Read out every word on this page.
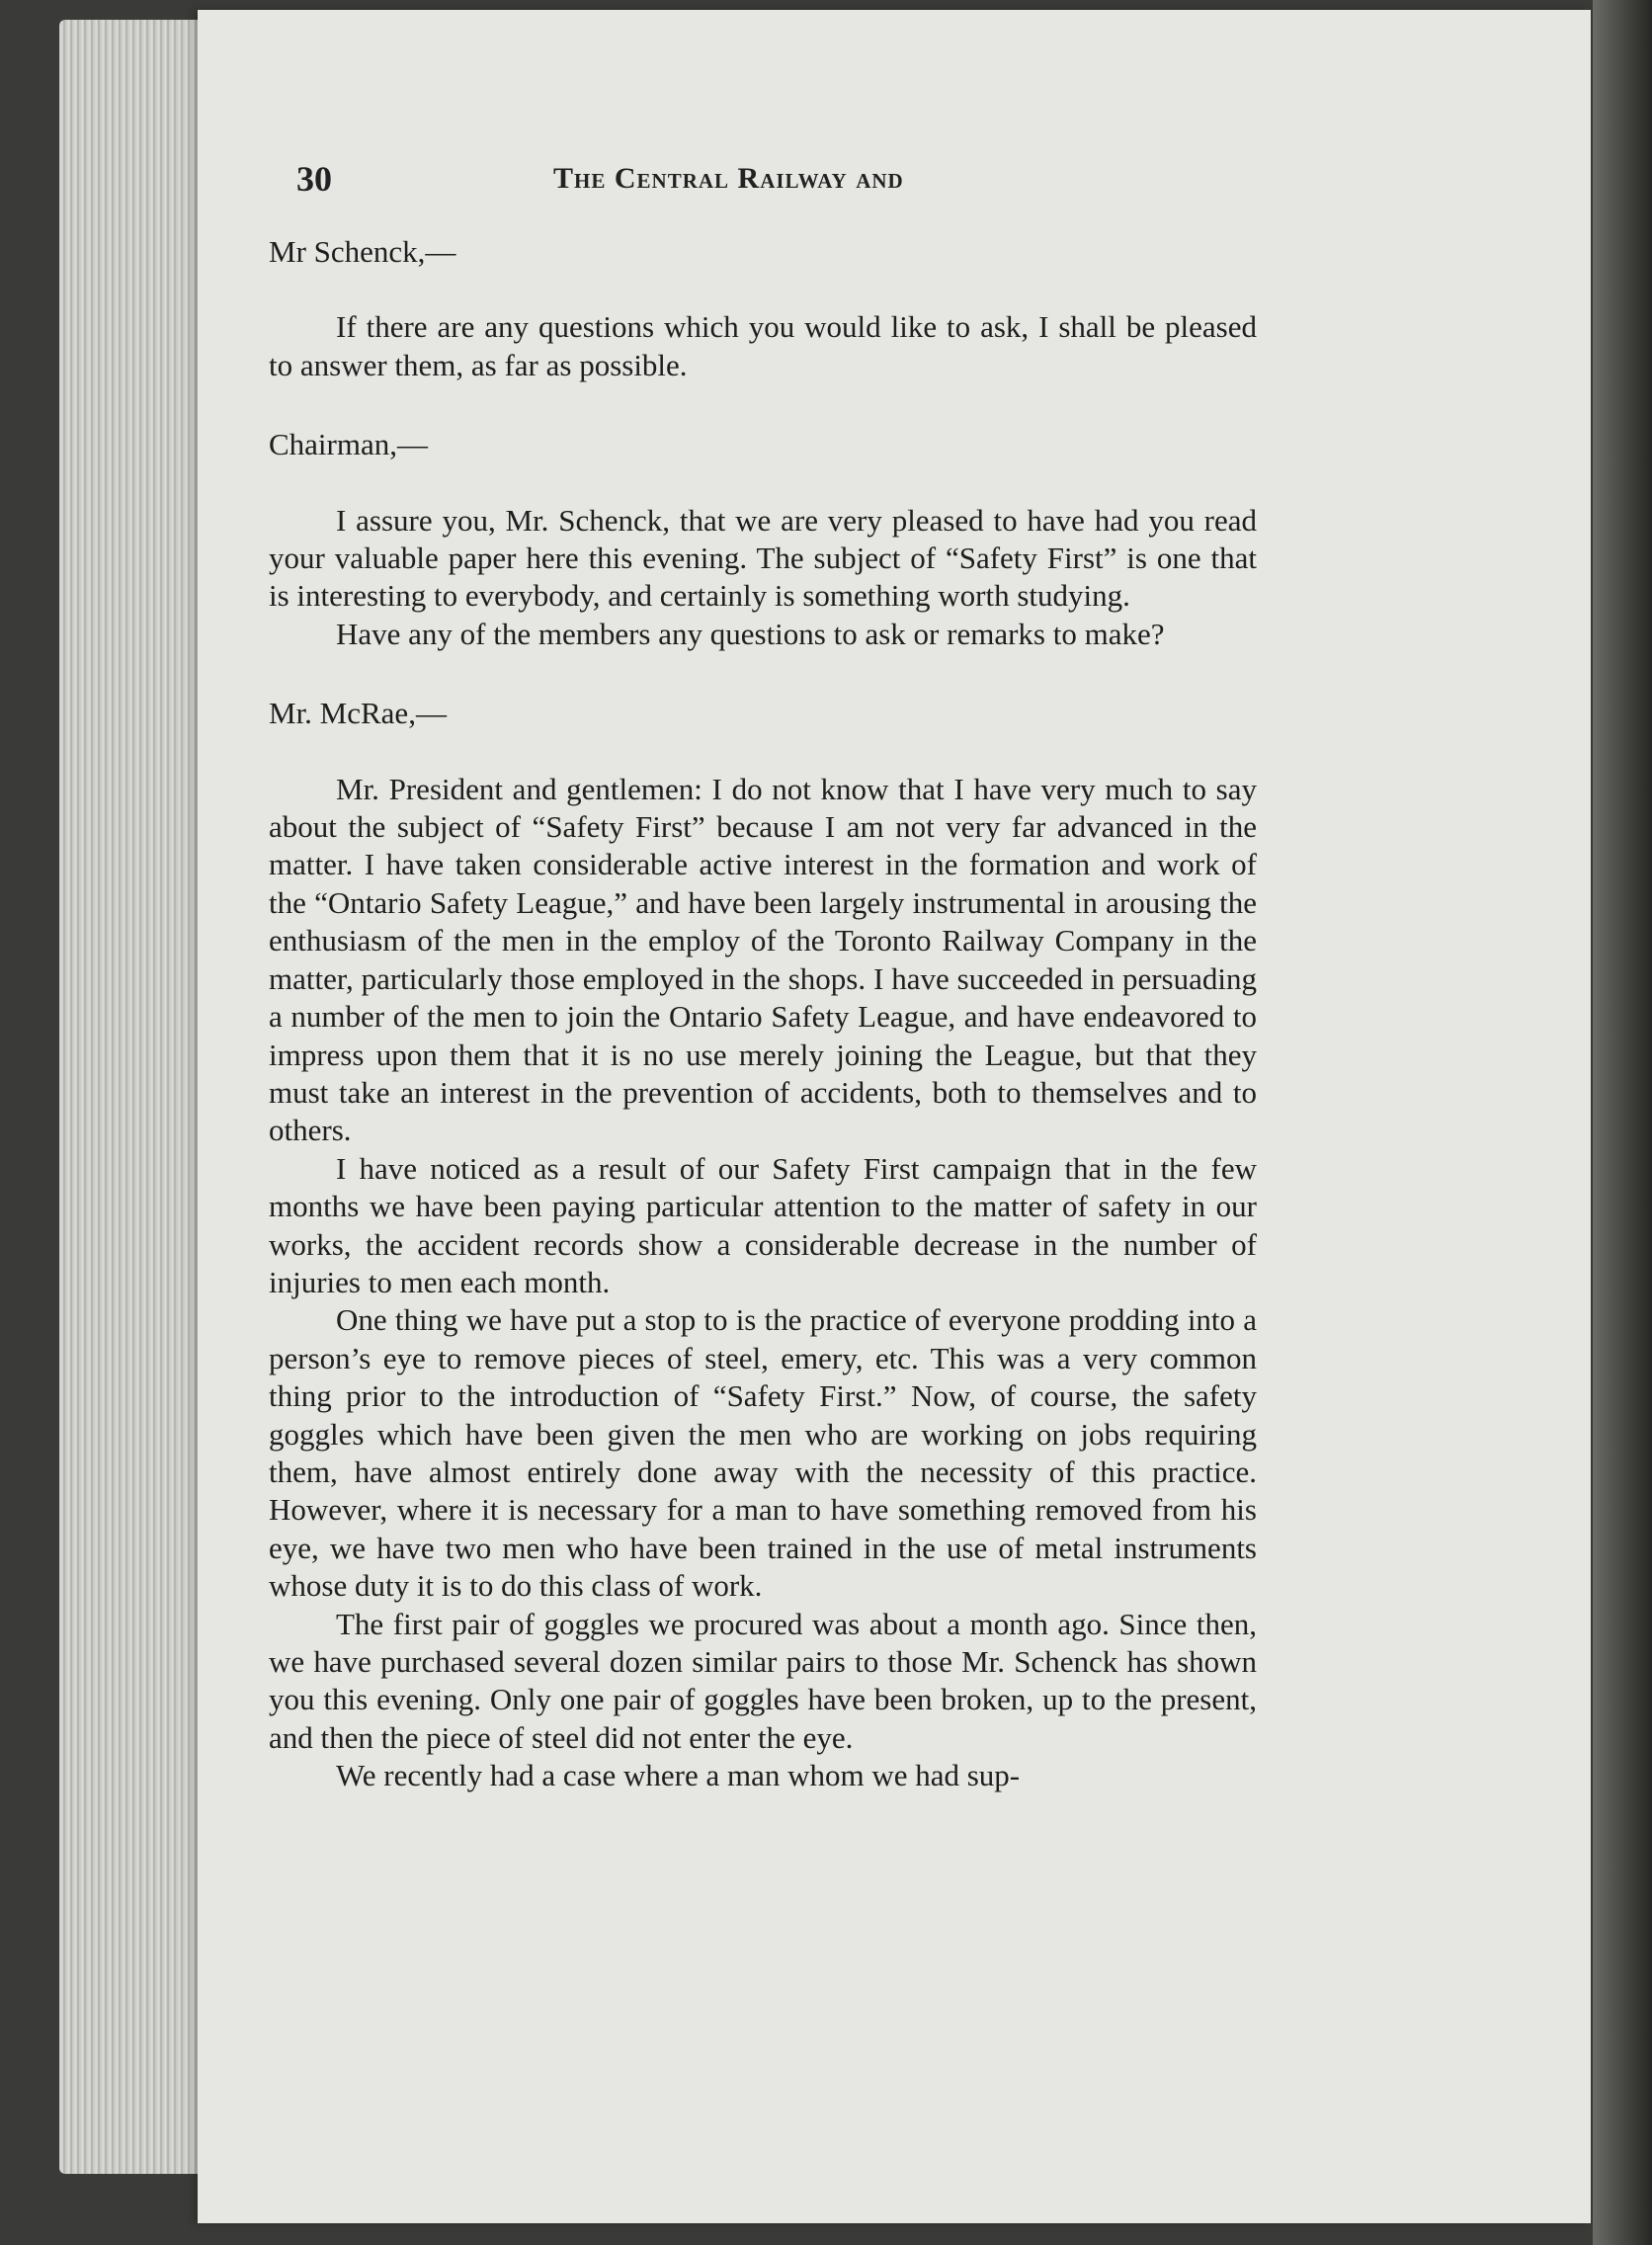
30	The Central Railway and

Mr Schenck,—

If there are any questions which you would like to ask, I shall be pleased to answer them, as far as possible.

Chairman,—

I assure you, Mr. Schenck, that we are very pleased to have had you read your valuable paper here this evening. The subject of “Safety First” is one that is interesting to everybody, and certainly is something worth studying.

Have any of the members any questions to ask or remarks to make?

Mr. McRae,—

Mr. President and gentlemen: I do not know that I have very much to say about the subject of “Safety First” because I am not very far advanced in the matter. I have taken considerable active interest in the formation and work of the “Ontario Safety League,” and have been largely instrumental in arousing the enthusiasm of the men in the employ of the Toronto Railway Company in the matter, particularly those employed in the shops. I have succeeded in persuading a number of the men to join the Ontario Safety League, and have endeavored to impress upon them that it is no use merely joining the League, but that they must take an interest in the prevention of accidents, both to themselves and to others.

I have noticed as a result of our Safety First campaign that in the few months we have been paying particular attention to the matter of safety in our works, the accident records show a considerable decrease in the number of injuries to men each month.

One thing we have put a stop to is the practice of everyone prodding into a person’s eye to remove pieces of steel, emery, etc. This was a very common thing prior to the introduction of “Safety First.” Now, of course, the safety goggles which have been given the men who are working on jobs requiring them, have almost entirely done away with the necessity of this practice. However, where it is necessary for a man to have something removed from his eye, we have two men who have been trained in the use of metal instruments whose duty it is to do this class of work.

The first pair of goggles we procured was about a month ago. Since then, we have purchased several dozen similar pairs to those Mr. Schenck has shown you this evening. Only one pair of goggles have been broken, up to the present, and then the piece of steel did not enter the eye.

We recently had a case where a man whom we had sup-
